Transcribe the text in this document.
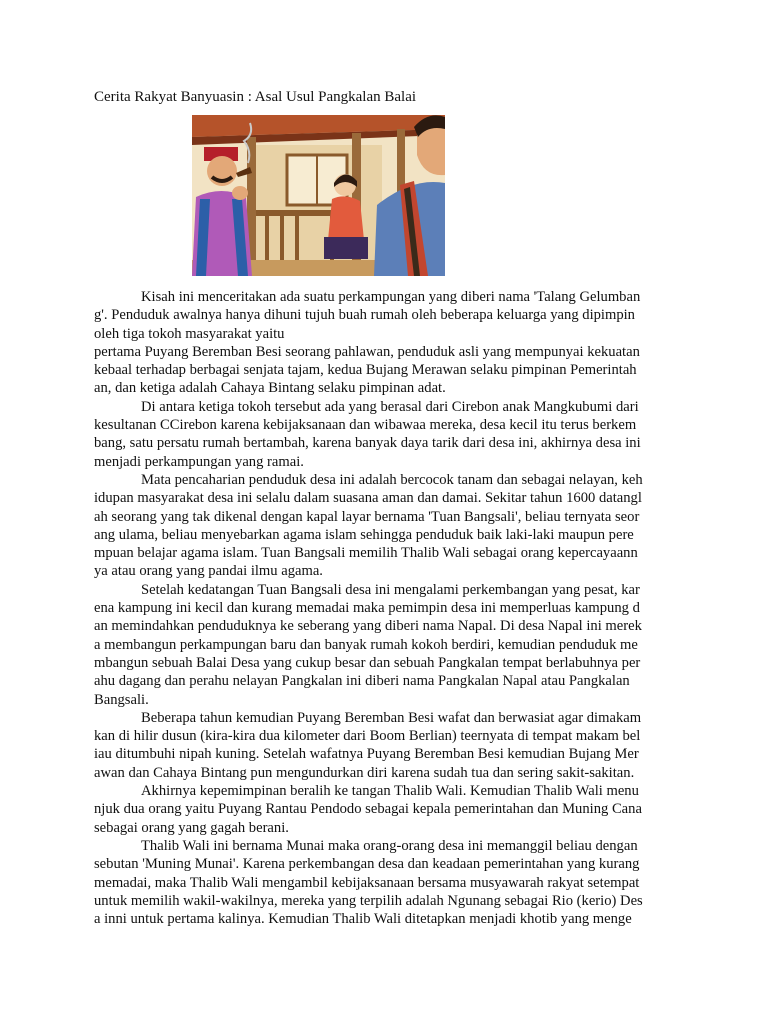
Cerita Rakyat Banyuasin : Asal Usul Pangkalan Balai
Kisah ini menceritakan ada suatu perkampungan yang diberi nama 'Talang Gelumban
g'. Penduduk awalnya hanya dihuni tujuh buah rumah oleh beberapa keluarga yang dipimpin
oleh tiga tokoh masyarakat yaitu
pertama Puyang Beremban Besi seorang pahlawan, penduduk asli yang mempunyai kekuatan
kebaal terhadap berbagai senjata tajam, kedua Bujang Merawan selaku pimpinan Pemerintah
an, dan ketiga adalah Cahaya Bintang selaku pimpinan adat.
Di antara ketiga tokoh tersebut ada yang berasal dari Cirebon anak Mangkubumi dari
kesultanan CCirebon karena kebijaksanaan dan wibawaa mereka, desa kecil itu terus berkem
bang, satu persatu rumah bertambah, karena banyak daya tarik dari desa ini, akhirnya desa ini
menjadi perkampungan yang ramai.
Mata pencaharian penduduk desa ini adalah bercocok tanam dan sebagai nelayan, keh
idupan masyarakat desa ini selalu dalam suasana aman dan damai. Sekitar tahun 1600 datangl
ah seorang yang tak dikenal dengan kapal layar bernama 'Tuan Bangsali', beliau ternyata seor
ang ulama, beliau menyebarkan agama islam sehingga penduduk baik laki-laki maupun pere
mpuan belajar agama islam. Tuan Bangsali memilih Thalib Wali sebagai orang kepercayaann
ya atau orang yang pandai ilmu agama.
Setelah kedatangan Tuan Bangsali desa ini mengalami perkembangan yang pesat, kar
ena kampung ini kecil dan kurang memadai maka pemimpin desa ini memperluas kampung d
an memindahkan penduduknya ke seberang yang diberi nama Napal. Di desa Napal ini merek
a membangun perkampungan baru dan banyak rumah kokoh berdiri, kemudian penduduk me
mbangun sebuah Balai Desa yang cukup besar dan sebuah Pangkalan tempat berlabuhnya per
ahu dagang dan perahu nelayan Pangkalan ini diberi nama Pangkalan Napal atau Pangkalan
Bangsali.
Beberapa tahun kemudian Puyang Beremban Besi wafat dan berwasiat agar dimakam
kan di hilir dusun (kira-kira dua kilometer dari Boom Berlian) teernyata di tempat makam bel
iau ditumbuhi nipah kuning. Setelah wafatnya Puyang Beremban Besi kemudian Bujang Mer
awan dan Cahaya Bintang pun mengundurkan diri karena sudah tua dan sering sakit-sakitan.
Akhirnya kepemimpinan beralih ke tangan Thalib Wali. Kemudian Thalib Wali menu
njuk dua orang yaitu Puyang Rantau Pendodo sebagai kepala pemerintahan dan Muning Cana
sebagai orang yang gagah berani.
Thalib Wali ini bernama Munai maka orang-orang desa ini memanggil beliau dengan
sebutan 'Muning Munai'. Karena perkembangan desa dan keadaan pemerintahan yang kurang
memadai, maka Thalib Wali mengambil kebijaksanaan bersama musyawarah rakyat setempat
untuk memilih wakil-wakilnya, mereka yang terpilih adalah Ngunang sebagai Rio (kerio) Des
a inni untuk pertama kalinya. Kemudian Thalib Wali ditetapkan menjadi khotib yang menge
